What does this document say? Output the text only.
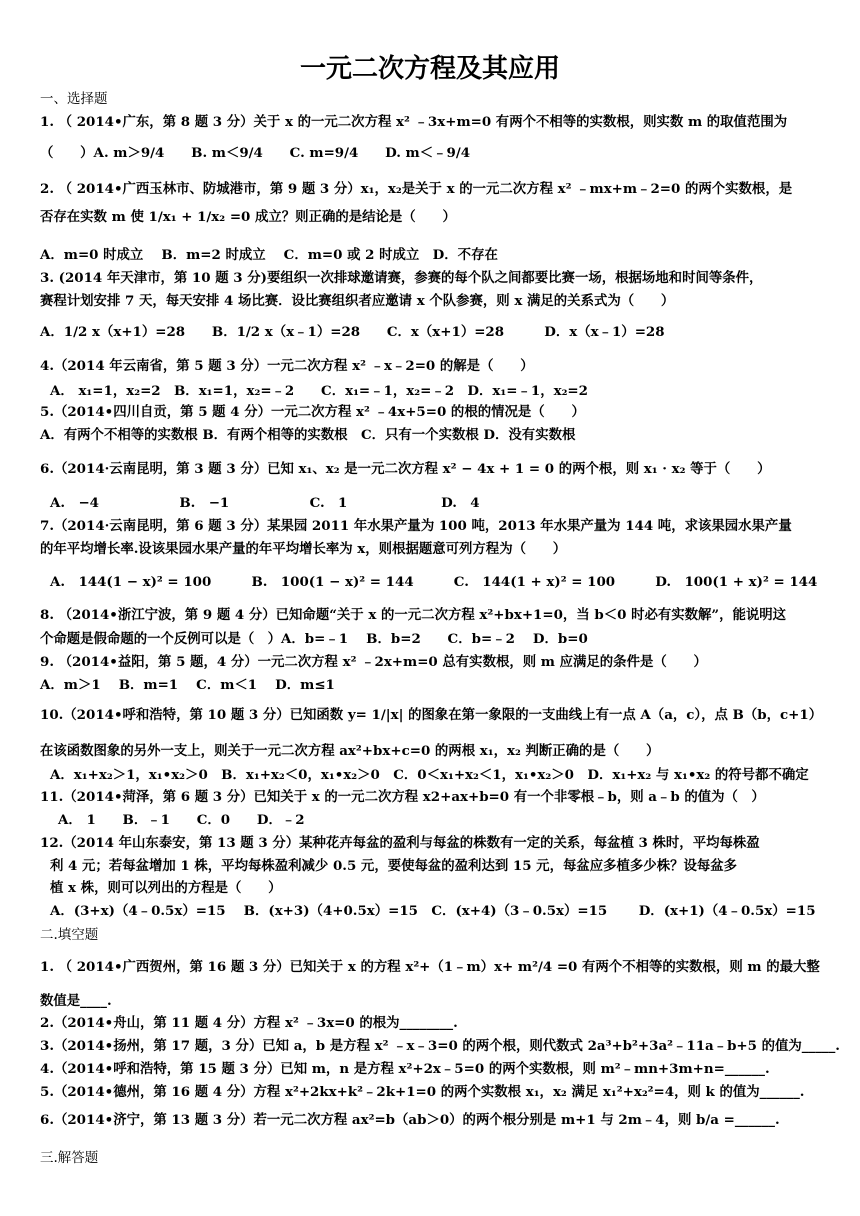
一元二次方程及其应用

一、选择题

1. （ 2014•广东，第 8 题 3 分）关于 x 的一元二次方程 x² ﹣3x+m=0 有两个不相等的实数根，则实数 m 的取值范围为

（　　）A. m＞9/4　　B. m＜9/4　　C. m=9/4　　D. m＜﹣9/4

2. （ 2014•广西玉林市、防城港市，第 9 题 3 分）x₁，x₂是关于 x 的一元二次方程 x² ﹣mx+m﹣2=0 的两个实数根，是

否存在实数 m 使 1/x₁ + 1/x₂ =0 成立？则正确的是结论是（　　）

A．m=0 时成立　 B．m=2 时成立　 C．m=0 或 2 时成立　D．不存在

3. (2014 年天津市，第 10 题 3 分)要组织一次排球邀请赛，参赛的每个队之间都要比赛一场，根据场地和时间等条件，

赛程计划安排 7 天，每天安排 4 场比赛．设比赛组织者应邀请 x 个队参赛，则 x 满足的关系式为（　　）

A．1/2 x（x+1）=28　　B．1/2 x（x﹣1）=28　　C．x（x+1）=28　　　D．x（x﹣1）=28

4.（2014 年云南省，第 5 题 3 分）一元二次方程 x² ﹣x﹣2=0 的解是（　　）

A． x₁=1，x₂=2　B．x₁=1，x₂=﹣2　　C．x₁=﹣1，x₂=﹣2　D．x₁=﹣1，x₂=2

5.（2014•四川自贡，第 5 题 4 分）一元二次方程 x² ﹣4x+5=0 的根的情况是（　　）

A．有两个不相等的实数根 B．有两个相等的实数根　C．只有一个实数根 D．没有实数根

6.（2014·云南昆明，第 3 题 3 分）已知 x₁、x₂ 是一元二次方程 x² − 4x + 1 = 0 的两个根，则 x₁ · x₂ 等于（　　）

A.　−4　　　　　　B.　−1　　　　　　C.　1　　　　　　　D.　4

7.（2014·云南昆明，第 6 题 3 分）某果园 2011 年水果产量为 100 吨，2013 年水果产量为 144 吨，求该果园水果产量

的年平均增长率.设该果园水果产量的年平均增长率为 x，则根据题意可列方程为（　　）

A.　144(1 − x)² = 100　　　B.　100(1 − x)² = 144　　　C.　144(1 + x)² = 100　　　D.　100(1 + x)² = 144

8. （2014•浙江宁波，第 9 题 4 分）已知命题“关于 x 的一元二次方程 x²+bx+1=0，当 b＜0 时必有实数解”，能说明这

个命题是假命题的一个反例可以是（　）A．b=﹣1　 B．b=2　　C．b=﹣2　 D．b=0

9. （2014•益阳，第 5 题，4 分）一元二次方程 x² ﹣2x+m=0 总有实数根，则 m 应满足的条件是（　　）

A．m＞1　 B．m=1　 C．m＜1　 D．m≤1

10.（2014•呼和浩特，第 10 题 3 分）已知函数 y= 1/|x| 的图象在第一象限的一支曲线上有一点 A（a，c），点 B（b，c+1）

在该函数图象的另外一支上，则关于一元二次方程 ax²+bx+c=0 的两根 x₁，x₂ 判断正确的是（　　）

A．x₁+x₂＞1，x₁•x₂＞0　B．x₁+x₂＜0，x₁•x₂＞0　C．0＜x₁+x₂＜1，x₁•x₂＞0　D．x₁+x₂ 与 x₁•x₂ 的符号都不确定

11.（2014•菏泽，第 6 题 3 分）已知关于 x 的一元二次方程 x2+ax+b=0 有一个非零根﹣b，则 a﹣b 的值为（　）

A． 1　　B．﹣1　　C．0　　D．﹣2

12.（2014 年山东泰安，第 13 题 3 分）某种花卉每盆的盈利与每盆的株数有一定的关系，每盆植 3 株时，平均每株盈

利 4 元；若每盆增加 1 株，平均每株盈利减少 0.5 元，要使每盆的盈利达到 15 元，每盆应多植多少株？设每盆多

植 x 株，则可以列出的方程是（　　）

A．(3+x)（4﹣0.5x）=15　 B．(x+3)（4+0.5x）=15　C．(x+4)（3﹣0.5x）=15　　 D．(x+1)（4﹣0.5x）=15

二.填空题

1. （ 2014•广西贺州，第 16 题 3 分）已知关于 x 的方程 x²+（1﹣m）x+ m²/4 =0 有两个不相等的实数根，则 m 的最大整

数值是____.

2.（2014•舟山，第 11 题 4 分）方程 x² ﹣3x=0 的根为________.

3.（2014•扬州，第 17 题，3 分）已知 a，b 是方程 x² ﹣x﹣3=0 的两个根，则代数式 2a³+b²+3a²﹣11a﹣b+5 的值为_____.

4.（2014•呼和浩特，第 15 题 3 分）已知 m，n 是方程 x²+2x﹣5=0 的两个实数根，则 m²﹣mn+3m+n=______.

5.（2014•德州，第 16 题 4 分）方程 x²+2kx+k²﹣2k+1=0 的两个实数根 x₁，x₂ 满足 x₁²+x₂²=4，则 k 的值为______.

6.（2014•济宁，第 13 题 3 分）若一元二次方程 ax²=b（ab＞0）的两个根分别是 m+1 与 2m﹣4，则 b/a =______.

三.解答题
